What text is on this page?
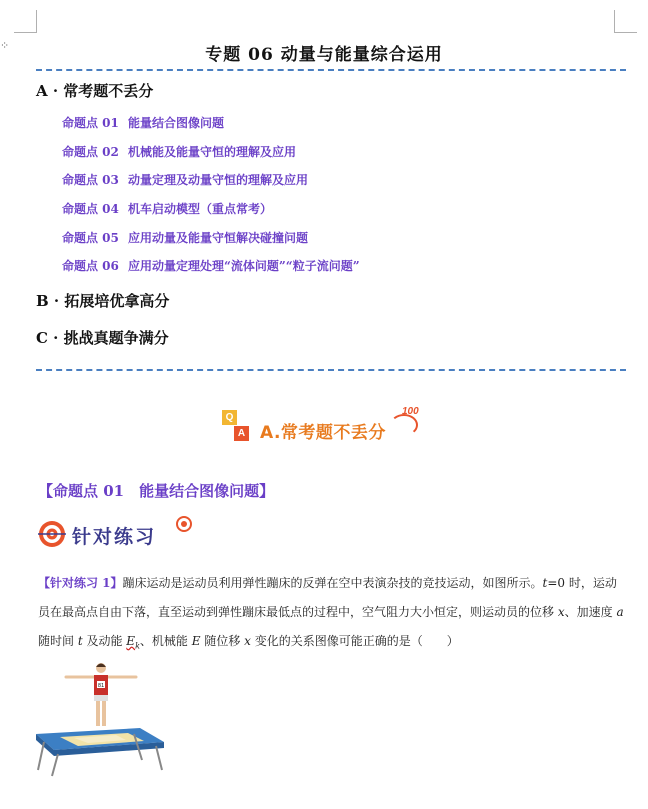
⁘	专题 06 动量与能量综合运用
A · 常考题不丢分
命题点 01 能量结合图像问题
命题点 02 机械能及能量守恒的理解及应用
命题点 03 动量定理及动量守恒的理解及应用
命题点 04 机车启动模型（重点常考）
命题点 05 应用动量及能量守恒解决碰撞问题
命题点 06 应用动量定理处理“流体问题”“粒子流问题”
B · 拓展培优拿高分
C · 挑战真题争满分
Q
A A.常考题不丢分
100
【命题点 01　能量结合图像问题】
针对练习
【针对练习 1】蹦床运动是运动员利用弹性蹦床的反弹在空中表演杂技的竞技运动，如图所示。t=0 时，运动员在最高点自由下落，直至运动到弹性蹦床最低点的过程中，空气阻力大小恒定，则运动员的位移 x、加速度 a 随时间 t 及动能 $E_k$、机械能 E 随位移 x 变化的关系图像可能正确的是（　　）
81
